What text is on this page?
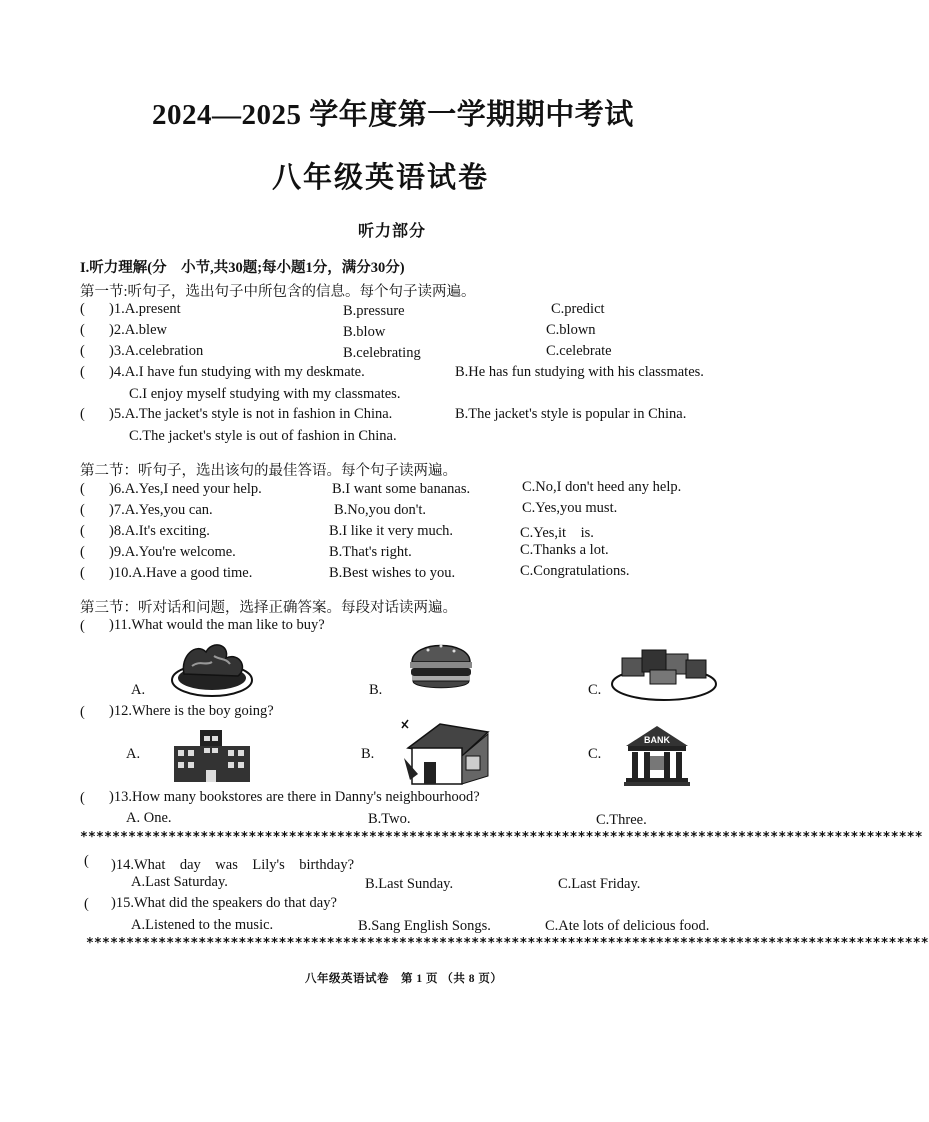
2024—2025 学年度第一学期期中考试
八年级英语试卷
听力部分
I.听力理解(分　小节,共30题;每小题1分，满分30分)
第一节:听句子，选出句子中所包含的信息。每个句子读两遍。
( )1.A.present	B.pressure	C.predict
( )2.A.blew	B.blow	C.blown
( )3.A.celebration	B.celebrating	C.celebrate
( )4.A.I have fun studying with my deskmate.	B.He has fun studying with his classmates.
C.I enjoy myself studying with my classmates.
( )5.A.The jacket's style is not in fashion in China.	B.The jacket's style is popular in China.
C.The jacket's style is out of fashion in China.
第二节：听句子，选出该句的最佳答语。每个句子读两遍。
( )6.A.Yes,I need your help.	B.I want some bananas.	C.No,I don't heed any help.
( )7.A.Yes,you can.	B.No,you don't.	C.Yes,you must.
( )8.A.It's exciting.	B.I like it very much.	C.Yes,it　is.
( )9.A.You're welcome.	B.That's right.	C.Thanks a lot.
( )10.A.Have a good time.	B.Best wishes to you.	C.Congratulations.
第三节：听对话和问题，选择正确答案。每段对话读两遍。
( )11.What would the man like to buy?
A.	B.	C.
( )12.Where is the boy going?
A.	B.	C.
BANK
( )13.How many bookstores are there in Danny's neighbourhood?
A. One.	B.Two.	C.Three.
*********************************************************************************************************
( )14.What　day　was　Lily's　birthday?
A.Last Saturday.	B.Last Sunday.	C.Last Friday.
( )15.What did the speakers do that day?
A.Listened to the music.	B.Sang English Songs.	C.Ate lots of delicious food.
*********************************************************************************************************
八年级英语试卷　第 1 页 （共 8 页）
